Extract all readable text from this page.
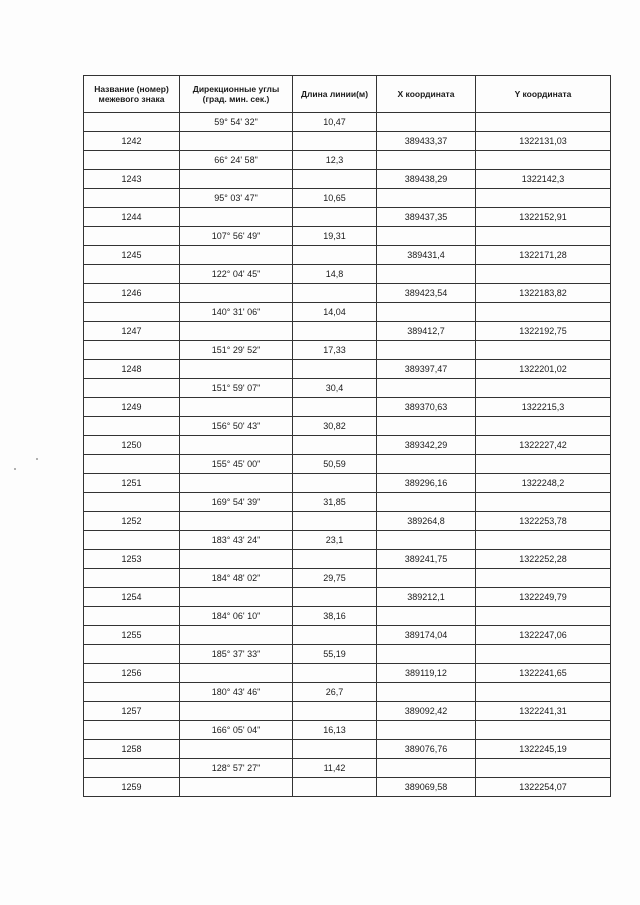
Название (номер) межевого знака	Дирекционные углы (град. мин. сек.)	Длина линии(м)	X координата	Y координата
	59° 54' 32"	10,47		
1242			389433,37	1322131,03
	66° 24' 58"	12,3		
1243			389438,29	1322142,3
	95° 03' 47"	10,65		
1244			389437,35	1322152,91
	107° 56' 49"	19,31		
1245			389431,4	1322171,28
	122° 04' 45"	14,8		
1246			389423,54	1322183,82
	140° 31' 06"	14,04		
1247			389412,7	1322192,75
	151° 29' 52"	17,33		
1248			389397,47	1322201,02
	151° 59' 07"	30,4		
1249			389370,63	1322215,3
	156° 50' 43"	30,82		
1250			389342,29	1322227,42
	155° 45' 00"	50,59		
1251			389296,16	1322248,2
	169° 54' 39"	31,85		
1252			389264,8	1322253,78
	183° 43' 24"	23,1		
1253			389241,75	1322252,28
	184° 48' 02"	29,75		
1254			389212,1	1322249,79
	184° 06' 10"	38,16		
1255			389174,04	1322247,06
	185° 37' 33"	55,19		
1256			389119,12	1322241,65
	180° 43' 46"	26,7		
1257			389092,42	1322241,31
	166° 05' 04"	16,13		
1258			389076,76	1322245,19
	128° 57' 27"	11,42		
1259			389069,58	1322254,07
